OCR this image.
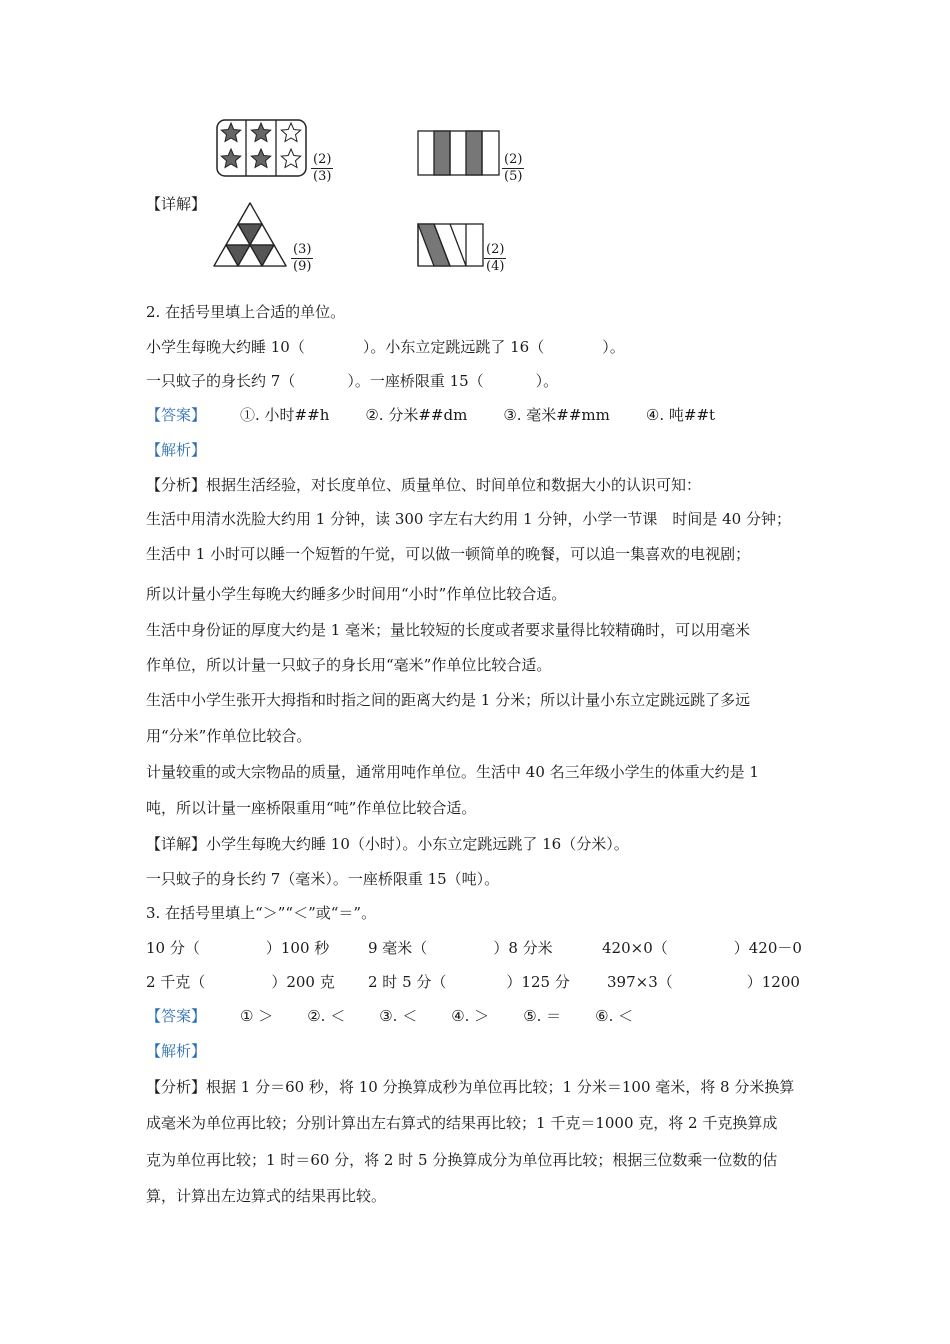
【详解】
$\frac{(2)}{(3)}$	$\frac{(2)}{(5)}$
$\frac{(3)}{(9)}$	$\frac{(2)}{(4)}$
2. 在括号里填上合适的单位。
小学生每晚大约睡 10（	）。小东立定跳远跳了 16（	）。
一只蚊子的身长约 7（	）。一座桥限重 15（	）。
【答案】 ①. 小时##h ②. 分米##dm ③. 毫米##mm ④. 吨##t
【解析】
【分析】根据生活经验，对长度单位、质量单位、时间单位和数据大小的认识可知：
生活中用清水洗脸大约用 1 分钟，读 300 字左右大约用 1 分钟，小学一节课　时间是 40 分钟；
生活中 1 小时可以睡一个短暂的午觉，可以做一顿简单的晚餐，可以追一集喜欢的电视剧；
所以计量小学生每晚大约睡多少时间用“小时”作单位比较合适。
生活中身份证的厚度大约是 1 毫米；量比较短的长度或者要求量得比较精确时，可以用毫米
作单位，所以计量一只蚊子的身长用“毫米”作单位比较合适。
生活中小学生张开大拇指和时指之间的距离大约是 1 分米；所以计量小东立定跳远跳了多远
用“分米”作单位比较合。
计量较重的或大宗物品的质量，通常用吨作单位。生活中 40 名三年级小学生的体重大约是 1
吨，所以计量一座桥限重用“吨”作单位比较合适。
【详解】小学生每晚大约睡 10（小时）。小东立定跳远跳了 16（分米）。
一只蚊子的身长约 7（毫米）。一座桥限重 15（吨）。
3. 在括号里填上“＞”“＜”或“＝”。
10 分（	）100 秒	9 毫米（	）8 分米	420×0（	）420－0
2 千克（	）200 克 2 时 5 分（	）125 分 397×3（	）1200
【答案】 ① ＞ ②. ＜ ③. ＜ ④. ＞ ⑤. ＝ ⑥. ＜
【解析】
【分析】根据 1 分＝60 秒，将 10 分换算成秒为单位再比较；1 分米＝100 毫米，将 8 分米换算
成毫米为单位再比较；分别计算出左右算式的结果再比较；1 千克＝1000 克，将 2 千克换算成
克为单位再比较；1 时＝60 分，将 2 时 5 分换算成分为单位再比较；根据三位数乘一位数的估
算，计算出左边算式的结果再比较。
